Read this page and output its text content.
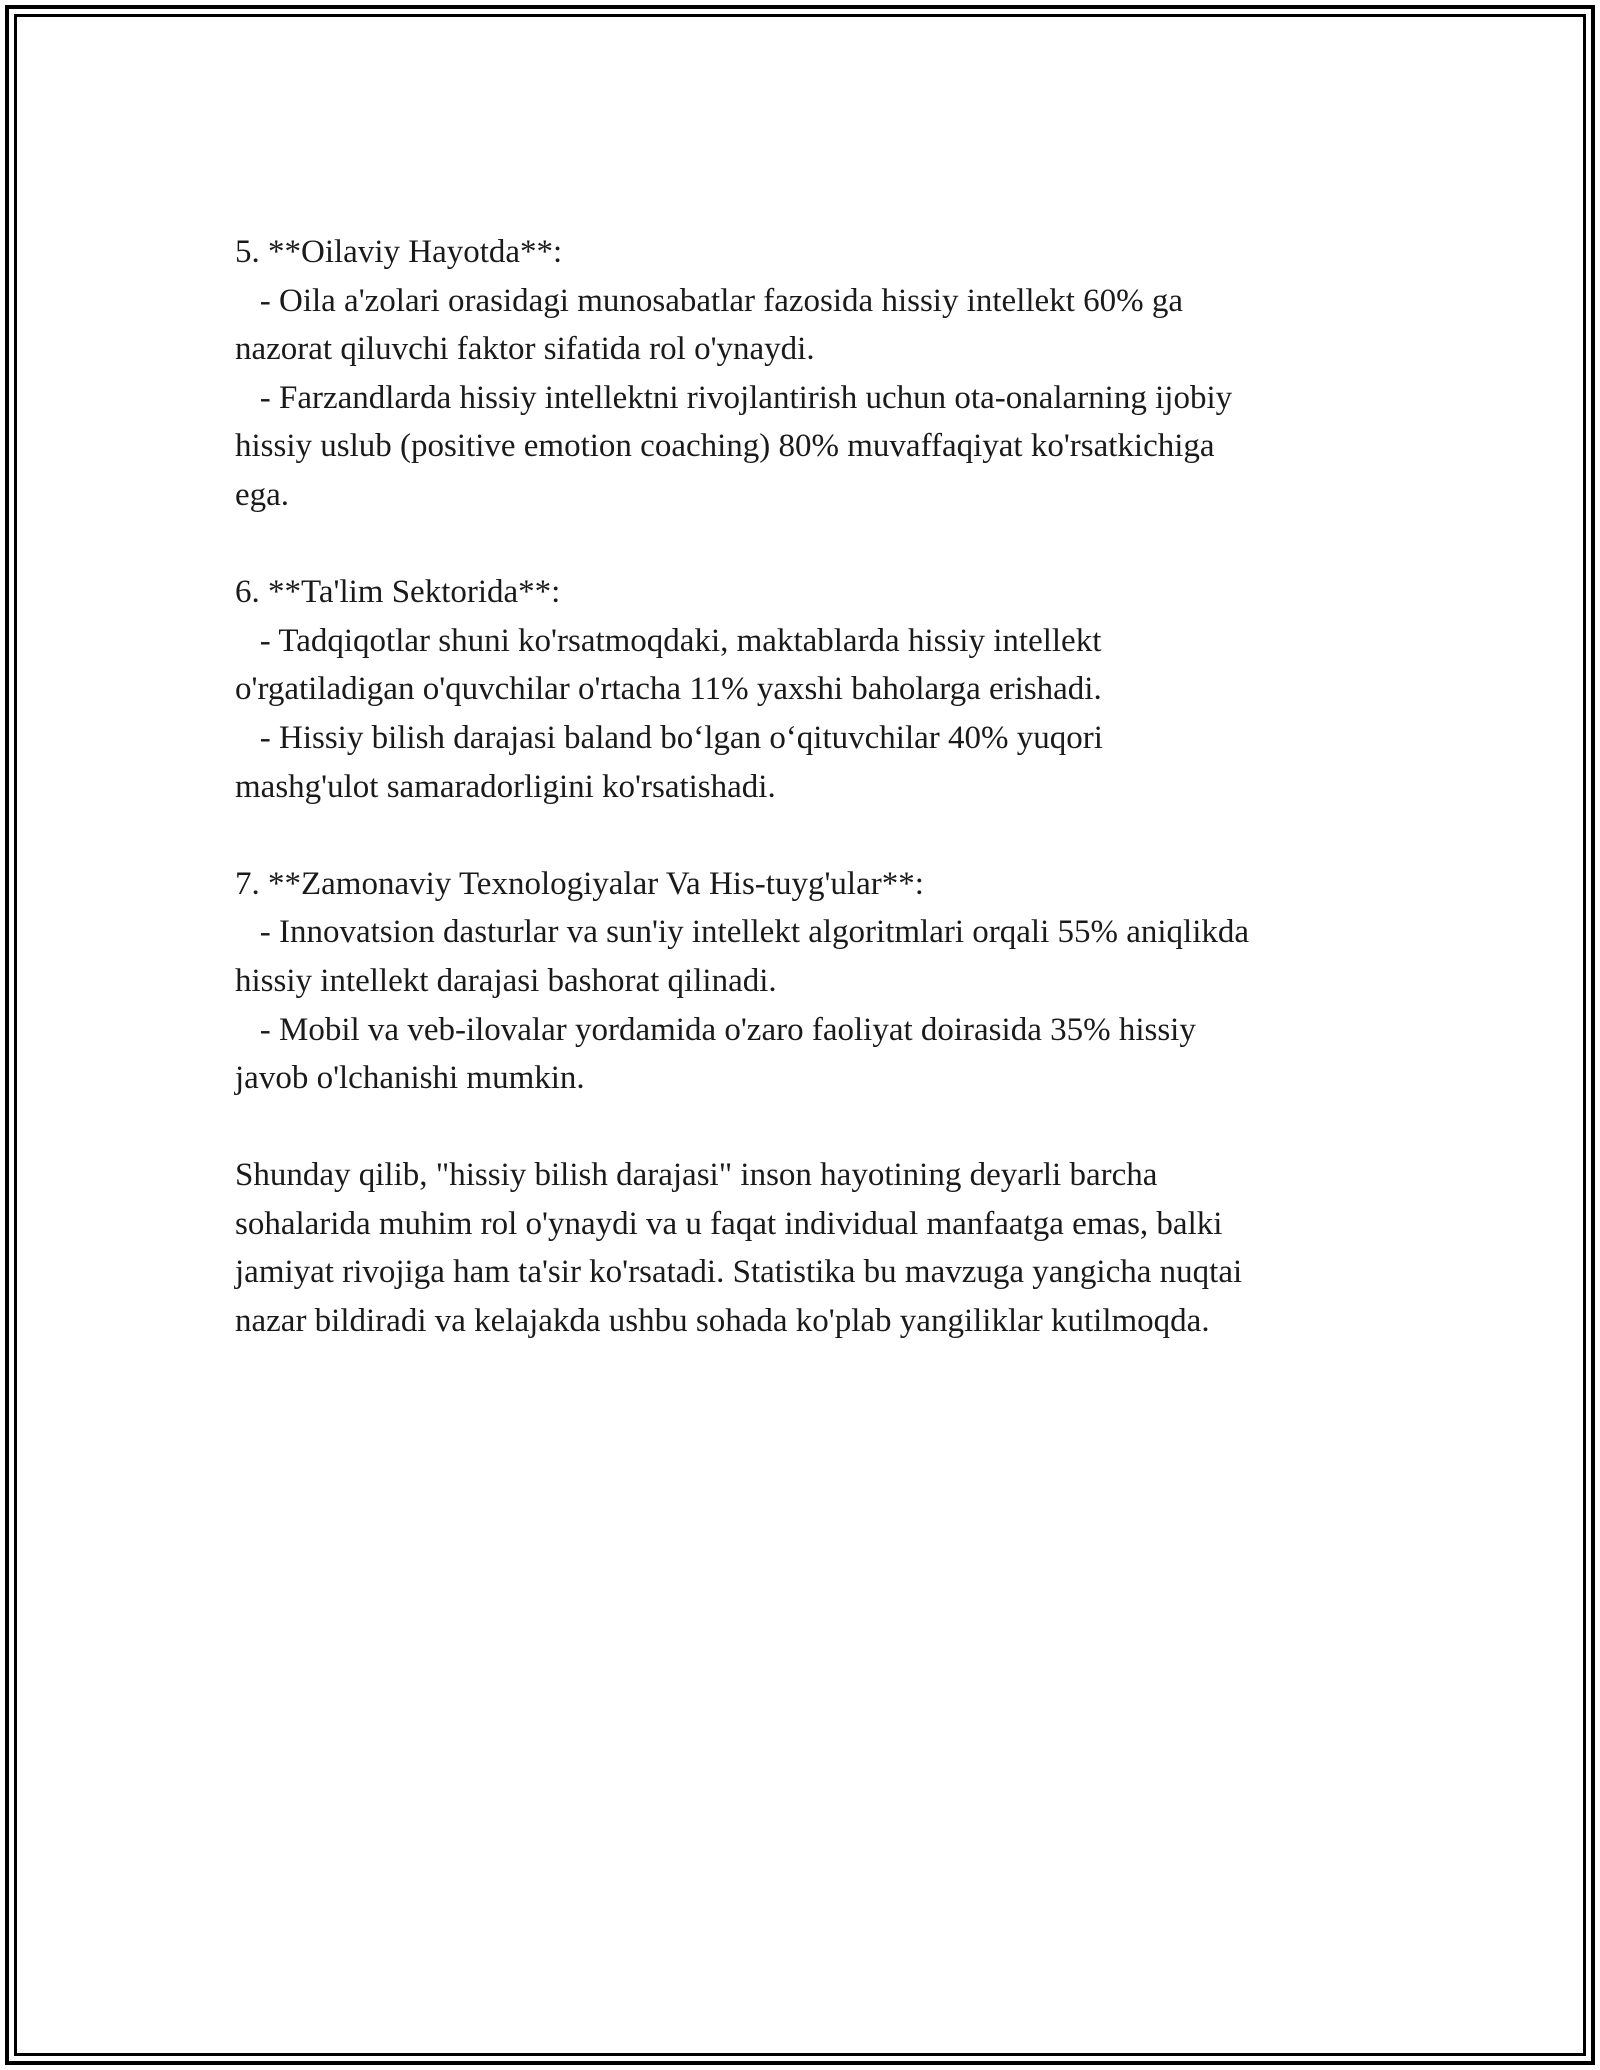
5. **Oilaviy Hayotda**:
- Oila a'zolari orasidagi munosabatlar fazosida hissiy intellekt 60% ga
nazorat qiluvchi faktor sifatida rol o'ynaydi.
- Farzandlarda hissiy intellektni rivojlantirish uchun ota-onalarning ijobiy
hissiy uslub (positive emotion coaching) 80% muvaffaqiyat ko'rsatkichiga
ega.
6. **Ta'lim Sektorida**:
- Tadqiqotlar shuni ko'rsatmoqdaki, maktablarda hissiy intellekt
o'rgatiladigan o'quvchilar o'rtacha 11% yaxshi baholarga erishadi.
- Hissiy bilish darajasi baland bo‘lgan o‘qituvchilar 40% yuqori
mashg'ulot samaradorligini ko'rsatishadi.
7. **Zamonaviy Texnologiyalar Va His-tuyg'ular**:
- Innovatsion dasturlar va sun'iy intellekt algoritmlari orqali 55% aniqlikda
hissiy intellekt darajasi bashorat qilinadi.
- Mobil va veb-ilovalar yordamida o'zaro faoliyat doirasida 35% hissiy
javob o'lchanishi mumkin.
Shunday qilib, "hissiy bilish darajasi" inson hayotining deyarli barcha
sohalarida muhim rol o'ynaydi va u faqat individual manfaatga emas, balki
jamiyat rivojiga ham ta'sir ko'rsatadi. Statistika bu mavzuga yangicha nuqtai
nazar bildiradi va kelajakda ushbu sohada ko'plab yangiliklar kutilmoqda.
